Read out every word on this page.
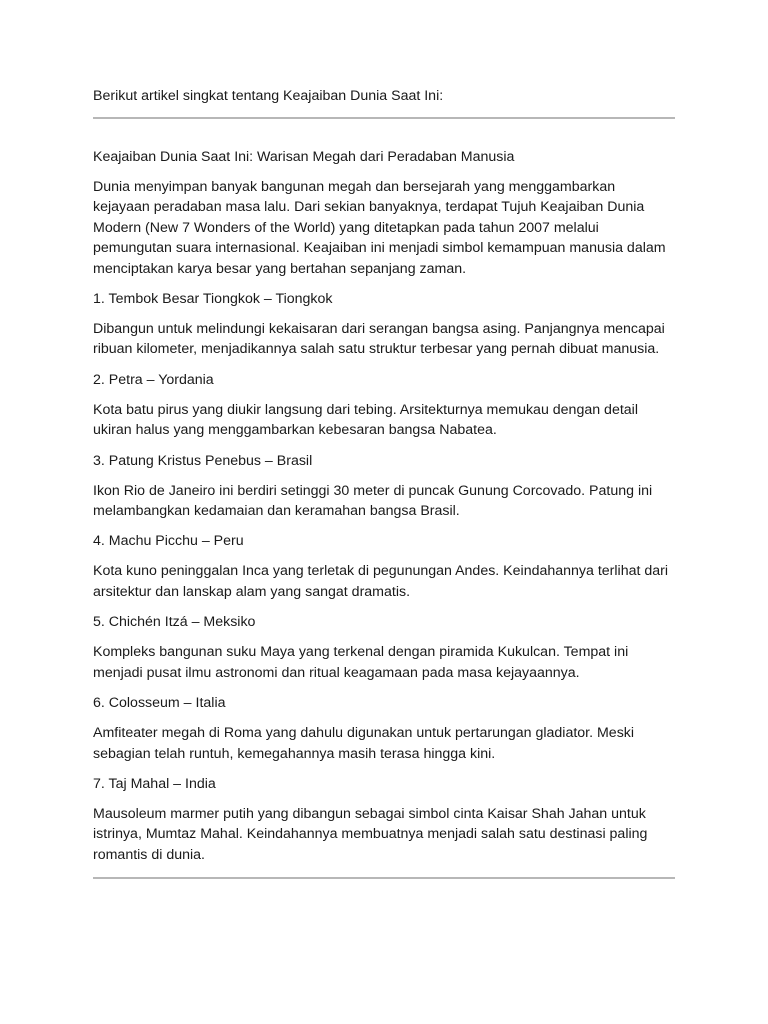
Berikut artikel singkat tentang Keajaiban Dunia Saat Ini:

Keajaiban Dunia Saat Ini: Warisan Megah dari Peradaban Manusia

Dunia menyimpan banyak bangunan megah dan bersejarah yang menggambarkan kejayaan peradaban masa lalu. Dari sekian banyaknya, terdapat Tujuh Keajaiban Dunia Modern (New 7 Wonders of the World) yang ditetapkan pada tahun 2007 melalui pemungutan suara internasional. Keajaiban ini menjadi simbol kemampuan manusia dalam menciptakan karya besar yang bertahan sepanjang zaman.

1. Tembok Besar Tiongkok – Tiongkok

Dibangun untuk melindungi kekaisaran dari serangan bangsa asing. Panjangnya mencapai ribuan kilometer, menjadikannya salah satu struktur terbesar yang pernah dibuat manusia.

2. Petra – Yordania

Kota batu pirus yang diukir langsung dari tebing. Arsitekturnya memukau dengan detail ukiran halus yang menggambarkan kebesaran bangsa Nabatea.

3. Patung Kristus Penebus – Brasil

Ikon Rio de Janeiro ini berdiri setinggi 30 meter di puncak Gunung Corcovado. Patung ini melambangkan kedamaian dan keramahan bangsa Brasil.

4. Machu Picchu – Peru

Kota kuno peninggalan Inca yang terletak di pegunungan Andes. Keindahannya terlihat dari arsitektur dan lanskap alam yang sangat dramatis.

5. Chichén Itzá – Meksiko

Kompleks bangunan suku Maya yang terkenal dengan piramida Kukulcan. Tempat ini menjadi pusat ilmu astronomi dan ritual keagamaan pada masa kejayaannya.

6. Colosseum – Italia

Amfiteater megah di Roma yang dahulu digunakan untuk pertarungan gladiator. Meski sebagian telah runtuh, kemegahannya masih terasa hingga kini.

7. Taj Mahal – India

Mausoleum marmer putih yang dibangun sebagai simbol cinta Kaisar Shah Jahan untuk istrinya, Mumtaz Mahal. Keindahannya membuatnya menjadi salah satu destinasi paling romantis di dunia.
